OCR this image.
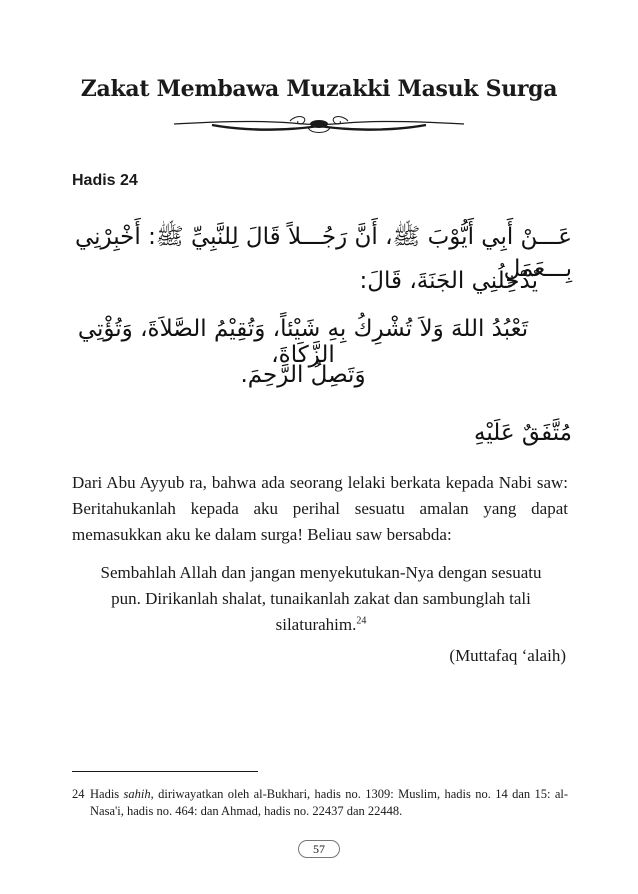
Zakat Membawa Muzakki Masuk Surga
Hadis 24
عَـــنْ أَبِي أَيُّوْبَ ﷺ، أَنَّ رَجُـــلاً قَالَ لِلنَّبِيِّ ﷺ: أَخْبِرْنِي بِـــعَمَلٍ
يُدْخِلُنِي الجَنَةَ، قَالَ:
تَعْبُدُ اللهَ وَلاَ تُشْرِكُ بِهِ شَيْئاً، وَتُقِيْمُ الصَّلاَةَ، وَتُؤْتِي الزَّكَاةَ،
وَتَصِلُ الرَّحِمَ.
مُتَّفَقٌ عَلَيْهِ
Dari Abu Ayyub ra, bahwa ada seorang lelaki berkata kepada Nabi saw: Beritahukanlah kepada aku perihal sesuatu amalan yang dapat memasukkan aku ke dalam surga! Beliau saw bersabda:
Sembahlah Allah dan jangan menyekutukan-Nya dengan sesuatu pun. Dirikanlah shalat, tunaikanlah zakat dan sambunglah tali silaturahim.$^{24}$
(Muttafaq ‘alaih)
24 Hadis sahih, diriwayatkan oleh al-Bukhari, hadis no. 1309: Muslim, hadis no. 14 dan 15: al-Nasa'i, hadis no. 464: dan Ahmad, hadis no. 22437 dan 22448.
57
